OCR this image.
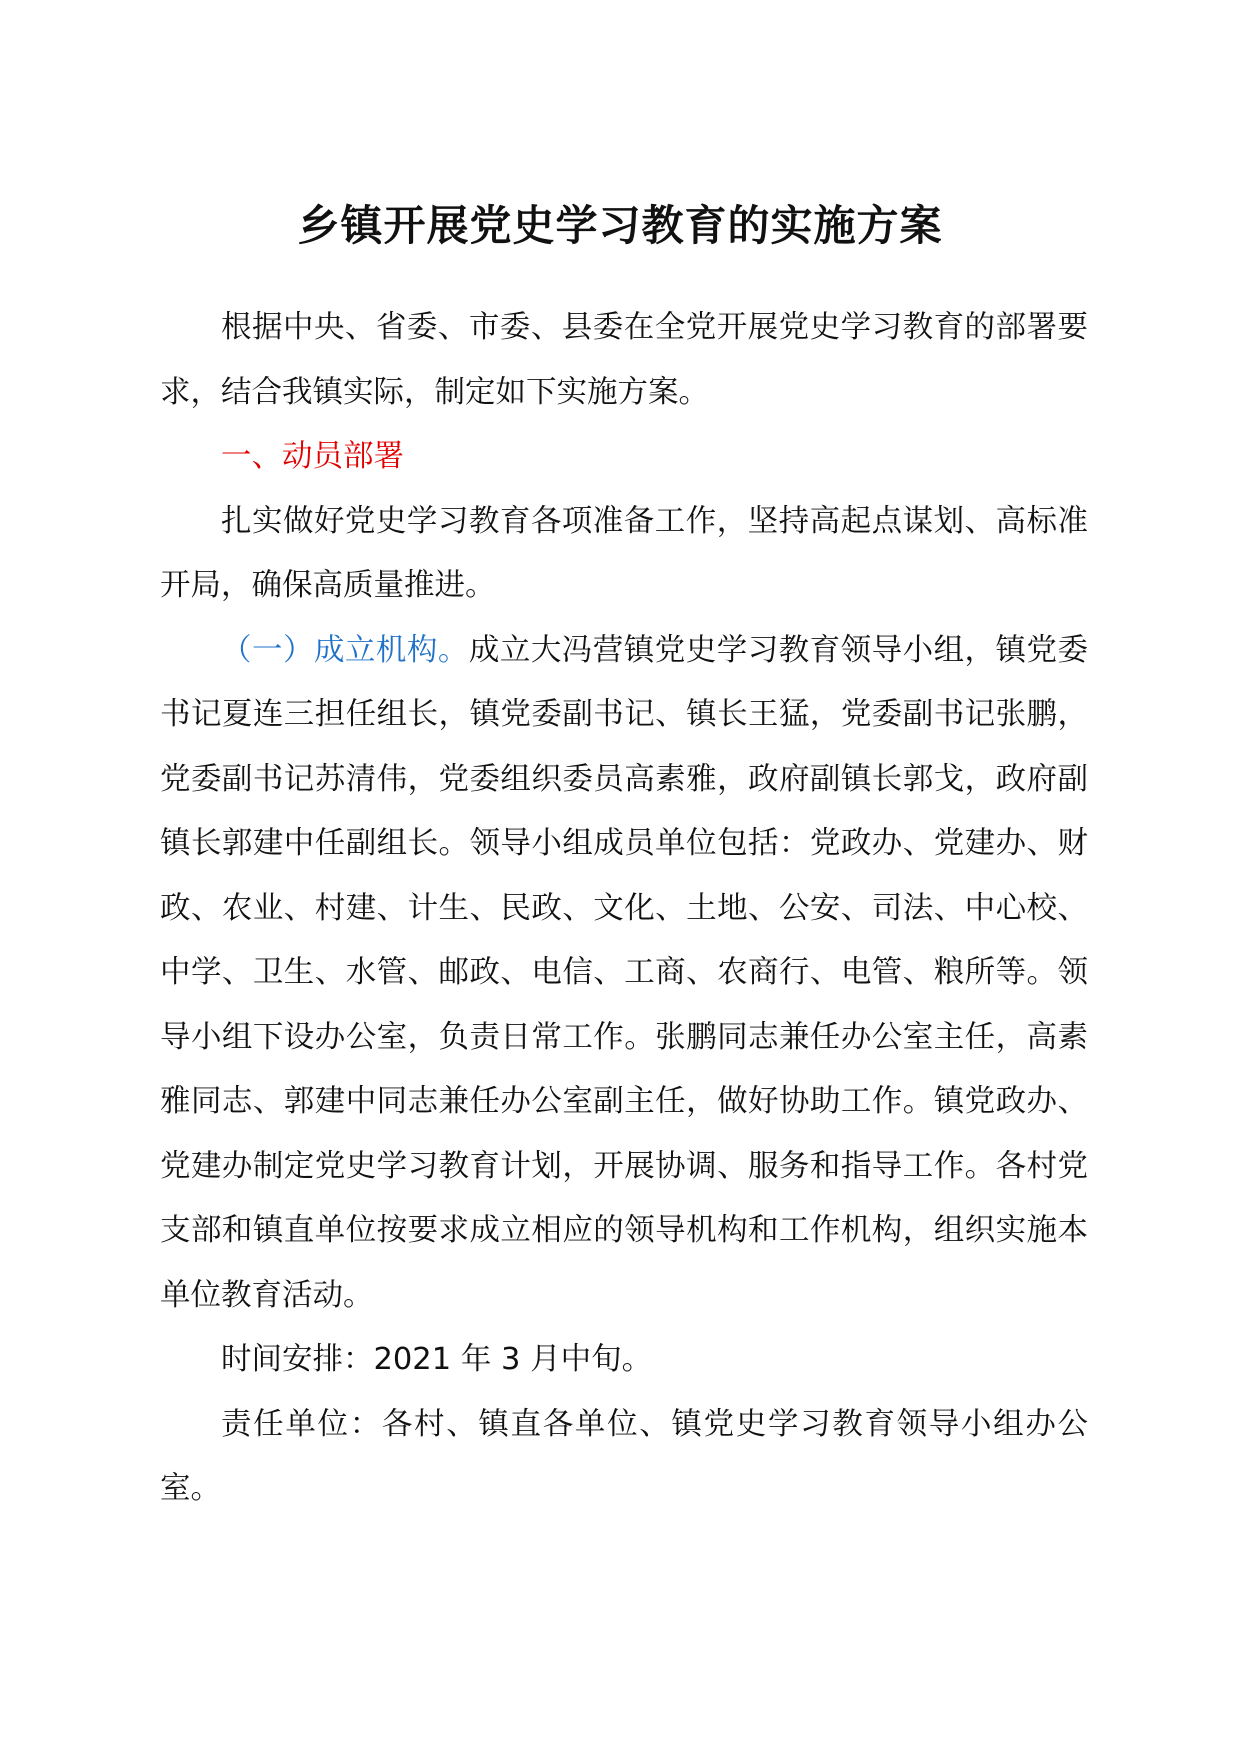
乡镇开展党史学习教育的实施方案

根据中央、省委、市委、县委在全党开展党史学习教育的部署要求，结合我镇实际，制定如下实施方案。

一、动员部署

扎实做好党史学习教育各项准备工作，坚持高起点谋划、高标准开局，确保高质量推进。

（一）成立机构。成立大冯营镇党史学习教育领导小组，镇党委书记夏连三担任组长，镇党委副书记、镇长王猛，党委副书记张鹏，党委副书记苏清伟，党委组织委员高素雅，政府副镇长郭戈，政府副镇长郭建中任副组长。领导小组成员单位包括：党政办、党建办、财政、农业、村建、计生、民政、文化、土地、公安、司法、中心校、中学、卫生、水管、邮政、电信、工商、农商行、电管、粮所等。领导小组下设办公室，负责日常工作。张鹏同志兼任办公室主任，高素雅同志、郭建中同志兼任办公室副主任，做好协助工作。镇党政办、党建办制定党史学习教育计划，开展协调、服务和指导工作。各村党支部和镇直单位按要求成立相应的领导机构和工作机构，组织实施本单位教育活动。

时间安排：2021 年 3 月中旬。

责任单位：各村、镇直各单位、镇党史学习教育领导小组办公室。
